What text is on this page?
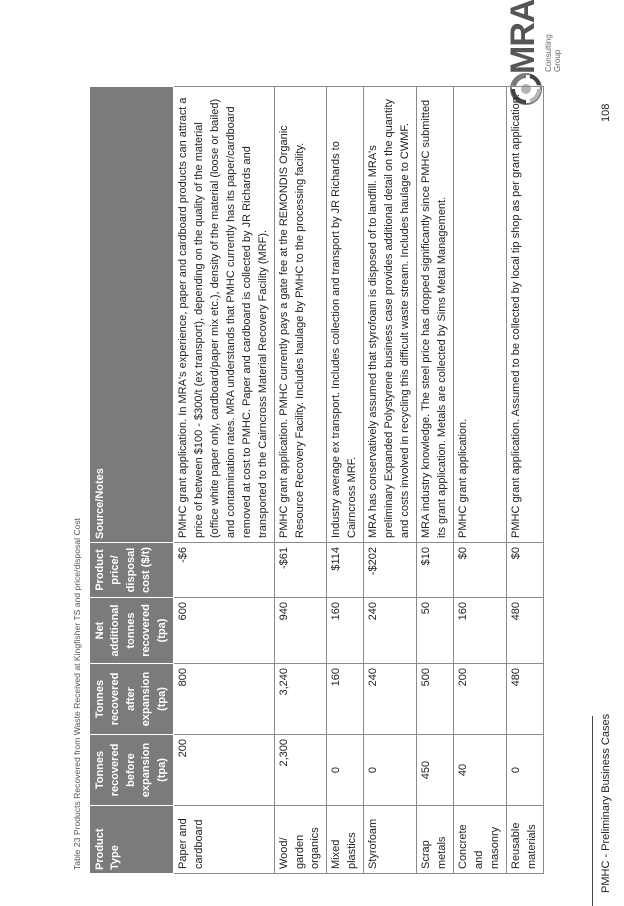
MRA Consulting Group
Table 23 Products Recovered from Waste Received at Kingfisher TS and price/disposal Cost Product Type	Tonnes recovered before expansion (tpa)	Tonnes recovered after expansion (tpa)	Net additional tonnes recovered (tpa)	Product price/ disposal cost ($/t)	Source/Notes
Paper and cardboard	200	800	600	-$6	PMHC grant application. In MRA's experience, paper and cardboard products can attract a price of between $100 - $300/t (ex transport), depending on the quality of the material (office white paper only, cardboard/paper mix etc.), density of the material (loose or bailed) and contamination rates. MRA understands that PMHC currently has its paper/cardboard removed at cost to PMHC. Paper and cardboard is collected by JR Richards and transported to the Cairncross Material Recovery Facility (MRF).
Wood/ garden organics	2,300	3,240	940	-$61	PMHC grant application. PMHC currently pays a gate fee at the REMONDIS Organic Resource Recovery Facility. Includes haulage by PMHC to the processing facility.
Mixed plastics	0	160	160	$114	Industry average ex transport. Includes collection and transport by JR Richards to Cairncross MRF.
Styrofoam	0	240	240	-$202	MRA has conservatively assumed that styrofoam is disposed of to landfill. MRA's preliminary Expanded Polystyrene business case provides additional detail on the quantity and costs involved in recycling this difficult waste stream. Includes haulage to CWMF.
Scrap metals	450	500	50	$10	MRA industry knowledge. The steel price has dropped significantly since PMHC submitted its grant application. Metals are collected by Sims Metal Management.
Concrete and masonry	40	200	160	$0	PMHC grant application.
Reusable materials	0	480	480	$0	PMHC grant application. Assumed to be collected by local tip shop as per grant application.
PMHC - Preliminary Business Cases
108
